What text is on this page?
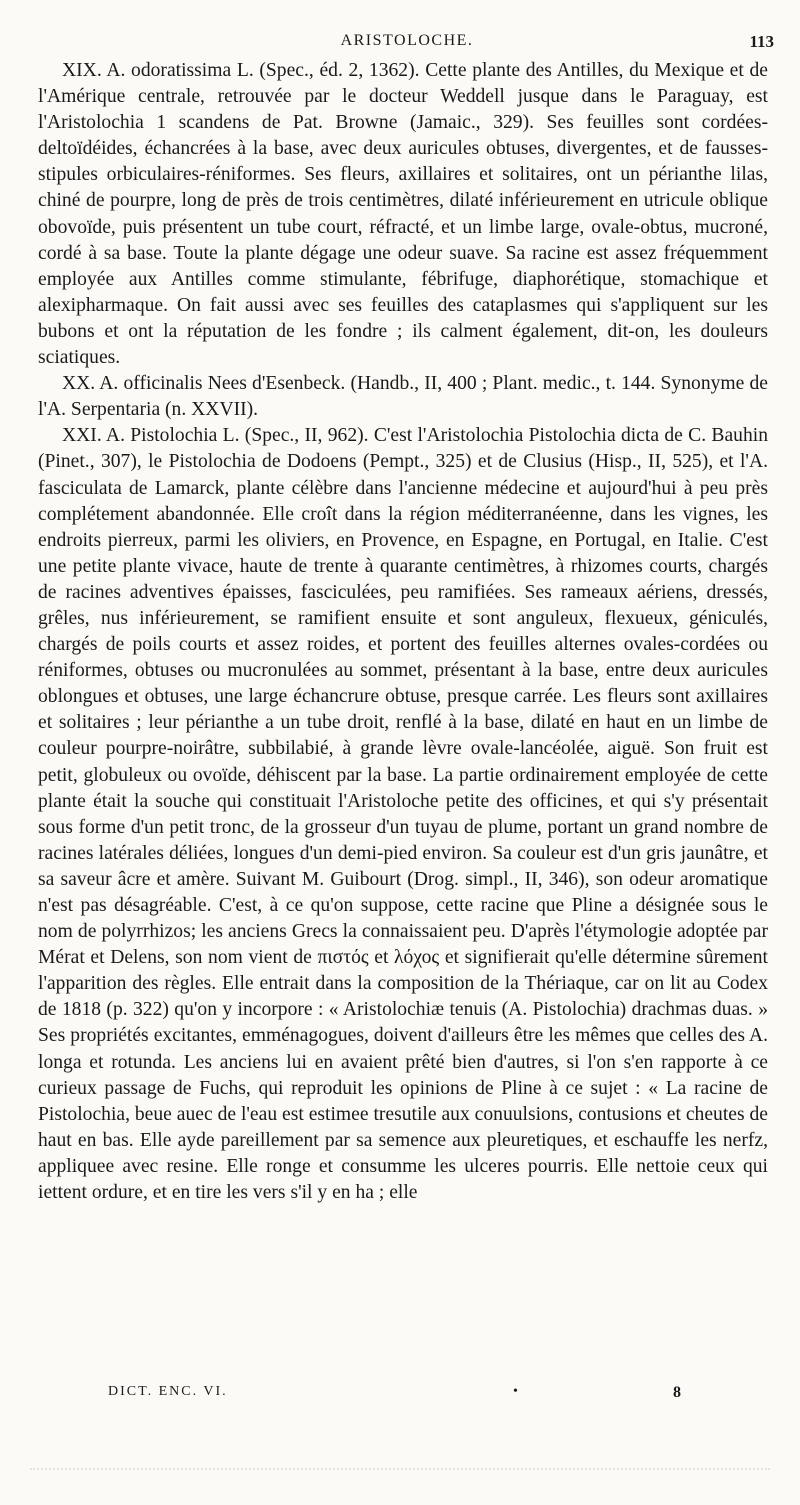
ARISTOLOCHE.	113

XIX. A. odoratissima L. (Spec., éd. 2, 1362). Cette plante des Antilles, du Mexique et de l'Amérique centrale, retrouvée par le docteur Weddell jusque dans le Paraguay, est l'Aristolochia 1 scandens de Pat. Browne (Jamaic., 329). Ses feuilles sont cordées-deltoïdéides, échancrées à la base, avec deux auricules obtuses, divergentes, et de fausses-stipules orbiculaires-réniformes. Ses fleurs, axillaires et solitaires, ont un périanthe lilas, chiné de pourpre, long de près de trois centimètres, dilaté inférieurement en utricule oblique obovoïde, puis présentent un tube court, réfracté, et un limbe large, ovale-obtus, mucroné, cordé à sa base. Toute la plante dégage une odeur suave. Sa racine est assez fréquemment employée aux Antilles comme stimulante, fébrifuge, diaphorétique, stomachique et alexipharmaque. On fait aussi avec ses feuilles des cataplasmes qui s'appliquent sur les bubons et ont la réputation de les fondre ; ils calment également, dit-on, les douleurs sciatiques.

XX. A. officinalis Nees d'Esenbeck. (Handb., II, 400 ; Plant. medic., t. 144. Synonyme de l'A. Serpentaria (n. XXVII).

XXI. A. Pistolochia L. (Spec., II, 962). C'est l'Aristolochia Pistolochia dicta de C. Bauhin (Pinet., 307), le Pistolochia de Dodoens (Pempt., 325) et de Clusius (Hisp., II, 525), et l'A. fasciculata de Lamarck, plante célèbre dans l'ancienne médecine et aujourd'hui à peu près complétement abandonnée. Elle croît dans la région méditerranéenne, dans les vignes, les endroits pierreux, parmi les oliviers, en Provence, en Espagne, en Portugal, en Italie. C'est une petite plante vivace, haute de trente à quarante centimètres, à rhizomes courts, chargés de racines adventives épaisses, fasciculées, peu ramifiées. Ses rameaux aériens, dressés, grêles, nus inférieurement, se ramifient ensuite et sont anguleux, flexueux, géniculés, chargés de poils courts et assez roides, et portent des feuilles alternes ovales-cordées ou réniformes, obtuses ou mucronulées au sommet, présentant à la base, entre deux auricules oblongues et obtuses, une large échancrure obtuse, presque carrée. Les fleurs sont axillaires et solitaires ; leur périanthe a un tube droit, renflé à la base, dilaté en haut en un limbe de couleur pourpre-noirâtre, subbilabié, à grande lèvre ovale-lancéolée, aiguë. Son fruit est petit, globuleux ou ovoïde, déhiscent par la base. La partie ordinairement employée de cette plante était la souche qui constituait l'Aristoloche petite des officines, et qui s'y présentait sous forme d'un petit tronc, de la grosseur d'un tuyau de plume, portant un grand nombre de racines latérales déliées, longues d'un demi-pied environ. Sa couleur est d'un gris jaunâtre, et sa saveur âcre et amère. Suivant M. Guibourt (Drog. simpl., II, 346), son odeur aromatique n'est pas désagréable. C'est, à ce qu'on suppose, cette racine que Pline a désignée sous le nom de polyrrhizos; les anciens Grecs la connaissaient peu. D'après l'étymologie adoptée par Mérat et Delens, son nom vient de πιστός et λόχος et signifierait qu'elle détermine sûrement l'apparition des règles. Elle entrait dans la composition de la Thériaque, car on lit au Codex de 1818 (p. 322) qu'on y incorpore : « Aristolochiæ tenuis (A. Pistolochia) drachmas duas. » Ses propriétés excitantes, emménagogues, doivent d'ailleurs être les mêmes que celles des A. longa et rotunda. Les anciens lui en avaient prêté bien d'autres, si l'on s'en rapporte à ce curieux passage de Fuchs, qui reproduit les opinions de Pline à ce sujet : « La racine de Pistolochia, beue auec de l'eau est estimee tresutile aux conuulsions, contusions et cheutes de haut en bas. Elle ayde pareillement par sa semence aux pleuretiques, et eschauffe les nerfz, appliquee avec resine. Elle ronge et consumme les ulceres pourris. Elle nettoie ceux qui iettent ordure, et en tire les vers s'il y en ha ; elle

DICT. ENC. VI.	•	8
